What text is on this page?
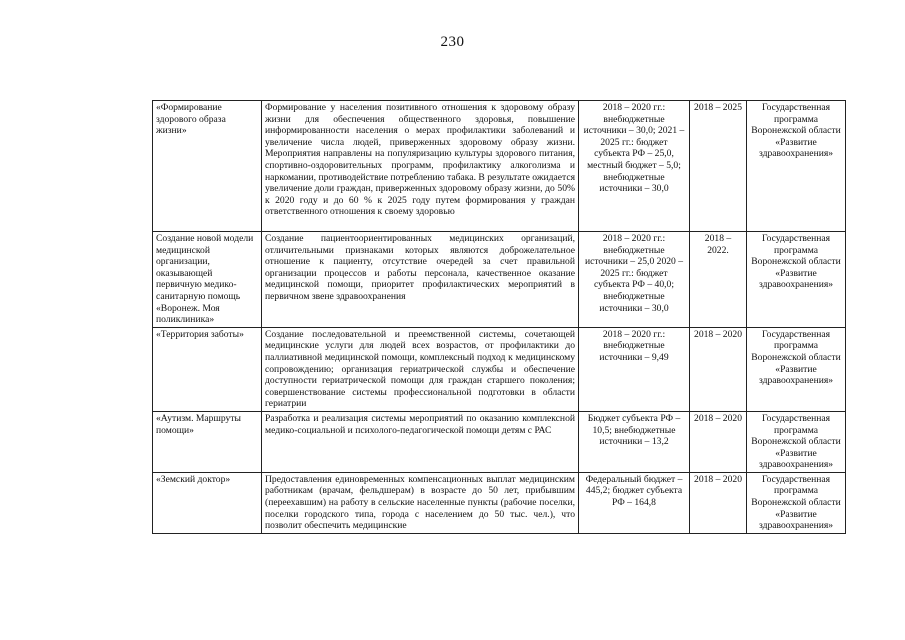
230
«Формирование здорового образа жизни»	Формирование у населения позитивного отношения к здоровому образу жизни для обеспечения общественного здоровья, повышение информированности населения о мерах профилактики заболеваний и увеличение числа людей, приверженных здоровому образу жизни. Мероприятия направлены на популяризацию культуры здорового питания, спортивно-оздоровительных программ, профилактику алкоголизма и наркомании, противодействие потреблению табака. В результате ожидается увеличение доли граждан, приверженных здоровому образу жизни, до 50% к 2020 году и до 60 % к 2025 году путем формирования у граждан ответственного отношения к своему здоровью	2018 – 2020 гг.: внебюджетные источники – 30,0; 2021 – 2025 гг.: бюджет субъекта РФ – 25,0, местный бюджет – 5,0; внебюджетные источники – 30,0	2018 – 2025	Государственная программа Воронежской области «Развитие здравоохранения»
Создание новой модели медицинской организации, оказывающей первичную медико-санитарную помощь «Воронеж. Моя поликлиника»	Создание пациентоориентированных медицинских организаций, отличительными признаками которых являются доброжелательное отношение к пациенту, отсутствие очередей за счет правильной организации процессов и работы персонала, качественное оказание медицинской помощи, приоритет профилактических мероприятий в первичном звене здравоохранения	2018 – 2020 гг.: внебюджетные источники – 25,0 2020 – 2025 гг.: бюджет субъекта РФ – 40,0; внебюджетные источники – 30,0	2018 – 2022.	Государственная программа Воронежской области «Развитие здравоохранения»
«Территория заботы»	Создание последовательной и преемственной системы, сочетающей медицинские услуги для людей всех возрастов, от профилактики до паллиативной медицинской помощи, комплексный подход к медицинскому сопровождению; организация гериатрической службы и обеспечение доступности гериатрической помощи для граждан старшего поколения; совершенствование системы профессиональной подготовки в области гериатрии	2018 – 2020 гг.: внебюджетные источники – 9,49	2018 – 2020	Государственная программа Воронежской области «Развитие здравоохранения»
«Аутизм. Маршруты помощи»	Разработка и реализация системы мероприятий по оказанию комплексной медико-социальной и психолого-педагогической помощи детям с РАС	Бюджет субъекта РФ – 10,5; внебюджетные источники – 13,2	2018 – 2020	Государственная программа Воронежской области «Развитие здравоохранения»
«Земский доктор»	Предоставления единовременных компенсационных выплат медицинским работникам (врачам, фельдшерам) в возрасте до 50 лет, прибывшим (переехавшим) на работу в сельские населенные пункты (рабочие поселки, поселки городского типа, города с населением до 50 тыс. чел.), что позволит обеспечить медицинские	Федеральный бюджет – 445,2; бюджет субъекта РФ – 164,8	2018 – 2020	Государственная программа Воронежской области «Развитие здравоохранения»
